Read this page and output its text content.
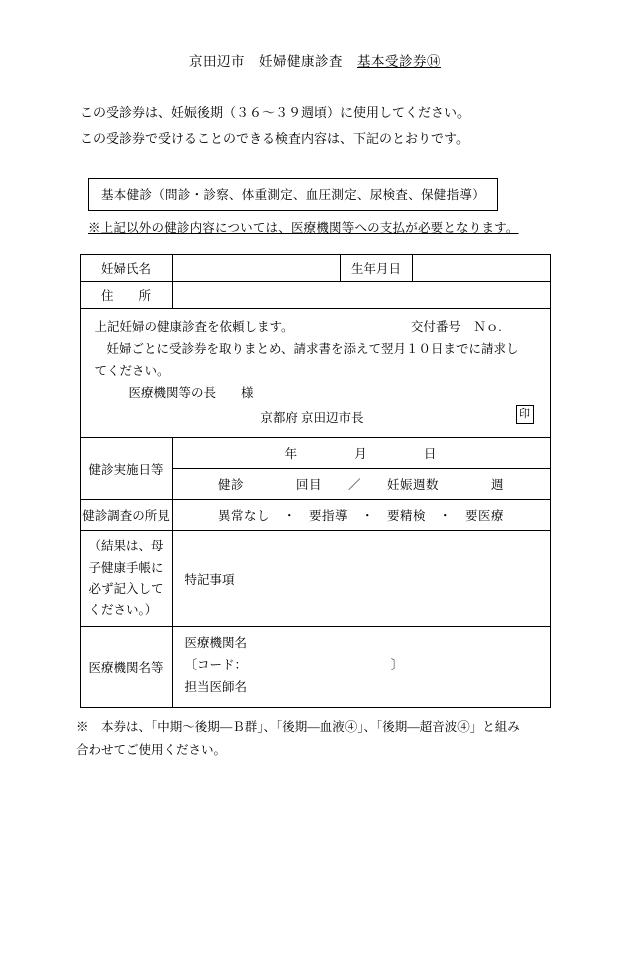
京田辺市　妊婦健康診査　基本受診券⑭
この受診券は、妊娠後期（３６〜３９週頃）に使用してください。
この受診券で受けることのできる検査内容は、下記のとおりです。
基本健診（問診・診察、体重測定、血圧測定、尿検査、保健指導）
※上記以外の健診内容については、医療機関等への支払が必要となります。
妊婦氏名		生年月日	
住　　所			

上記妊婦の健康診査を依頼します。	交付番号　Ｎｏ.
妊婦ごとに受診券を取りまとめ、請求書を添えて翌月１０日までに請求し
てください。
医療機関等の長　　様
京都府 京田辺市長	印

健診実施日等	年 月 日		

	健診　　　　回目　　／　　妊娠週数　　　　週		

健診調査の所見	異常なし　・　要指導　・　要精検　・　要医療		

（結果は、母子健康手帳に必ず記入してください。）	特記事項		

医療機関名等	医療機関名
〔コード：　　　　　　　　　　　　〕
担当医師名		
※　本券は、「中期〜後期―Ｂ群」、「後期―血液④」、「後期―超音波④」と組み
合わせてご使用ください。
